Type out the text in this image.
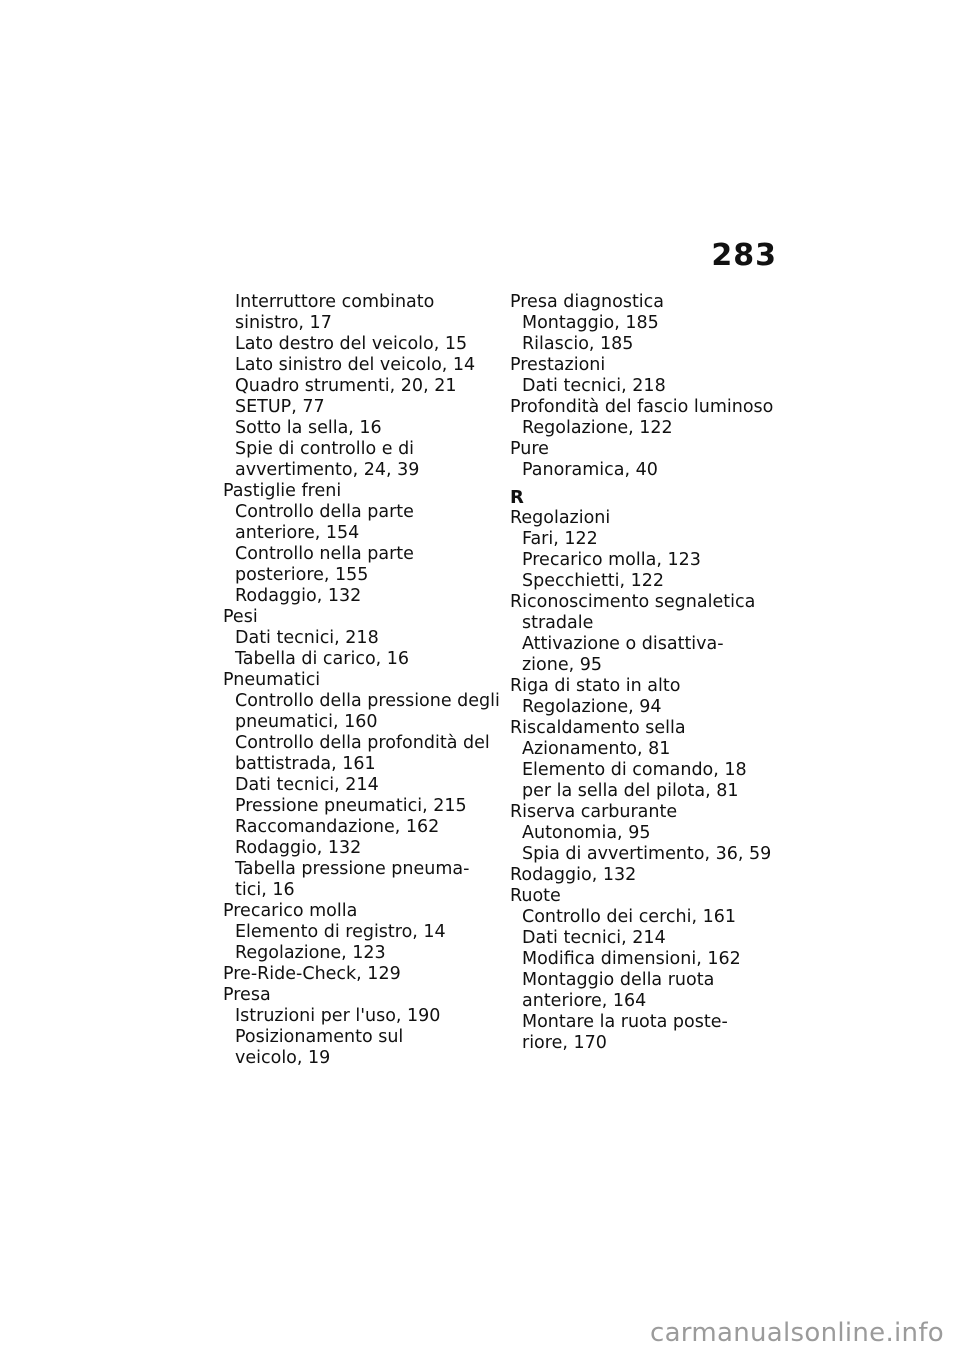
283
Interruttore combinato
sinistro, 17
Lato destro del veicolo, 15
Lato sinistro del veicolo, 14
Quadro strumenti, 20, 21
SETUP, 77
Sotto la sella, 16
Spie di controllo e di
avvertimento, 24, 39
Pastiglie freni
Controllo della parte
anteriore, 154
Controllo nella parte
posteriore, 155
Rodaggio, 132
Pesi
Dati tecnici, 218
Tabella di carico, 16
Pneumatici
Controllo della pressione degli
pneumatici, 160
Controllo della profondità del
battistrada, 161
Dati tecnici, 214
Pressione pneumatici, 215
Raccomandazione, 162
Rodaggio, 132
Tabella pressione pneuma-
tici, 16
Precarico molla
Elemento di registro, 14
Regolazione, 123
Pre-Ride-Check, 129
Presa
Istruzioni per l'uso, 190
Posizionamento sul
veicolo, 19
Presa diagnostica
Montaggio, 185
Rilascio, 185
Prestazioni
Dati tecnici, 218
Profondità del fascio luminoso
Regolazione, 122
Pure
Panoramica, 40
R
Regolazioni
Fari, 122
Precarico molla, 123
Specchietti, 122
Riconoscimento segnaletica
stradale
Attivazione o disattiva-
zione, 95
Riga di stato in alto
Regolazione, 94
Riscaldamento sella
Azionamento, 81
Elemento di comando, 18
per la sella del pilota, 81
Riserva carburante
Autonomia, 95
Spia di avvertimento, 36, 59
Rodaggio, 132
Ruote
Controllo dei cerchi, 161
Dati tecnici, 214
Modifica dimensioni, 162
Montaggio della ruota
anteriore, 164
Montare la ruota poste-
riore, 170
carmanualsonline.info
